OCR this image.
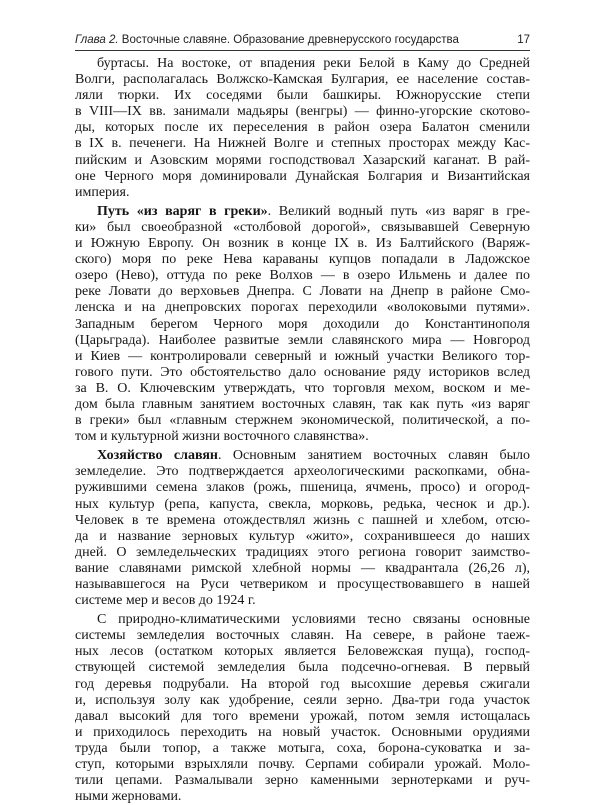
Глава 2. Восточные славяне. Образование древнерусского государства	17
буртасы. На востоке, от впадения реки Белой в Каму до Средней
Волги, располагалась Волжско-Камская Булгария, ее население состав-
ляли тюрки. Их соседями были башкиры. Южнорусские степи
в VIII—IX вв. занимали мадьяры (венгры) — финно-угорские скотово-
ды, которых после их переселения в район озера Балатон сменили
в IX в. печенеги. На Нижней Волге и степных просторах между Кас-
пийским и Азовским морями господствовал Хазарский каганат. В рай-
оне Черного моря доминировали Дунайская Болгария и Византийская
империя.
Путь «из варяг в греки». Великий водный путь «из варяг в гре-
ки» был своеобразной «столбовой дорогой», связывавшей Северную
и Южную Европу. Он возник в конце IX в. Из Балтийского (Варяж-
ского) моря по реке Нева караваны купцов попадали в Ладожское
озеро (Нево), оттуда по реке Волхов — в озеро Ильмень и далее по
реке Ловати до верховьев Днепра. С Ловати на Днепр в районе Смо-
ленска и на днепровских порогах переходили «волоковыми путями».
Западным берегом Черного моря доходили до Константинополя
(Царьграда). Наиболее развитые земли славянского мира — Новгород
и Киев — контролировали северный и южный участки Великого тор-
гового пути. Это обстоятельство дало основание ряду историков вслед
за В. О. Ключевским утверждать, что торговля мехом, воском и ме-
дом была главным занятием восточных славян, так как путь «из варяг
в греки» был «главным стержнем экономической, политической, а по-
том и культурной жизни восточного славянства».
Хозяйство славян. Основным занятием восточных славян было
земледелие. Это подтверждается археологическими раскопками, обна-
ружившими семена злаков (рожь, пшеница, ячмень, просо) и огород-
ных культур (репа, капуста, свекла, морковь, редька, чеснок и др.).
Человек в те времена отождествлял жизнь с пашней и хлебом, отсю-
да и название зерновых культур «жито», сохранившееся до наших
дней. О земледельческих традициях этого региона говорит заимство-
вание славянами римской хлебной нормы — квадрантала (26,26 л),
называвшегося на Руси четвериком и просуществовавшего в нашей
системе мер и весов до 1924 г.
С природно-климатическими условиями тесно связаны основные
системы земледелия восточных славян. На севере, в районе таеж-
ных лесов (остатком которых является Беловежская пуща), господ-
ствующей системой земледелия была подсечно-огневая. В первый
год деревья подрубали. На второй год высохшие деревья сжигали
и, используя золу как удобрение, сеяли зерно. Два-три года участок
давал высокий для того времени урожай, потом земля истощалась
и приходилось переходить на новый участок. Основными орудиями
труда были топор, а также мотыга, соха, борона-суковатка и за-
ступ, которыми взрыхляли почву. Серпами собирали урожай. Моло-
тили цепами. Размалывали зерно каменными зернотерками и руч-
ными жерновами.
